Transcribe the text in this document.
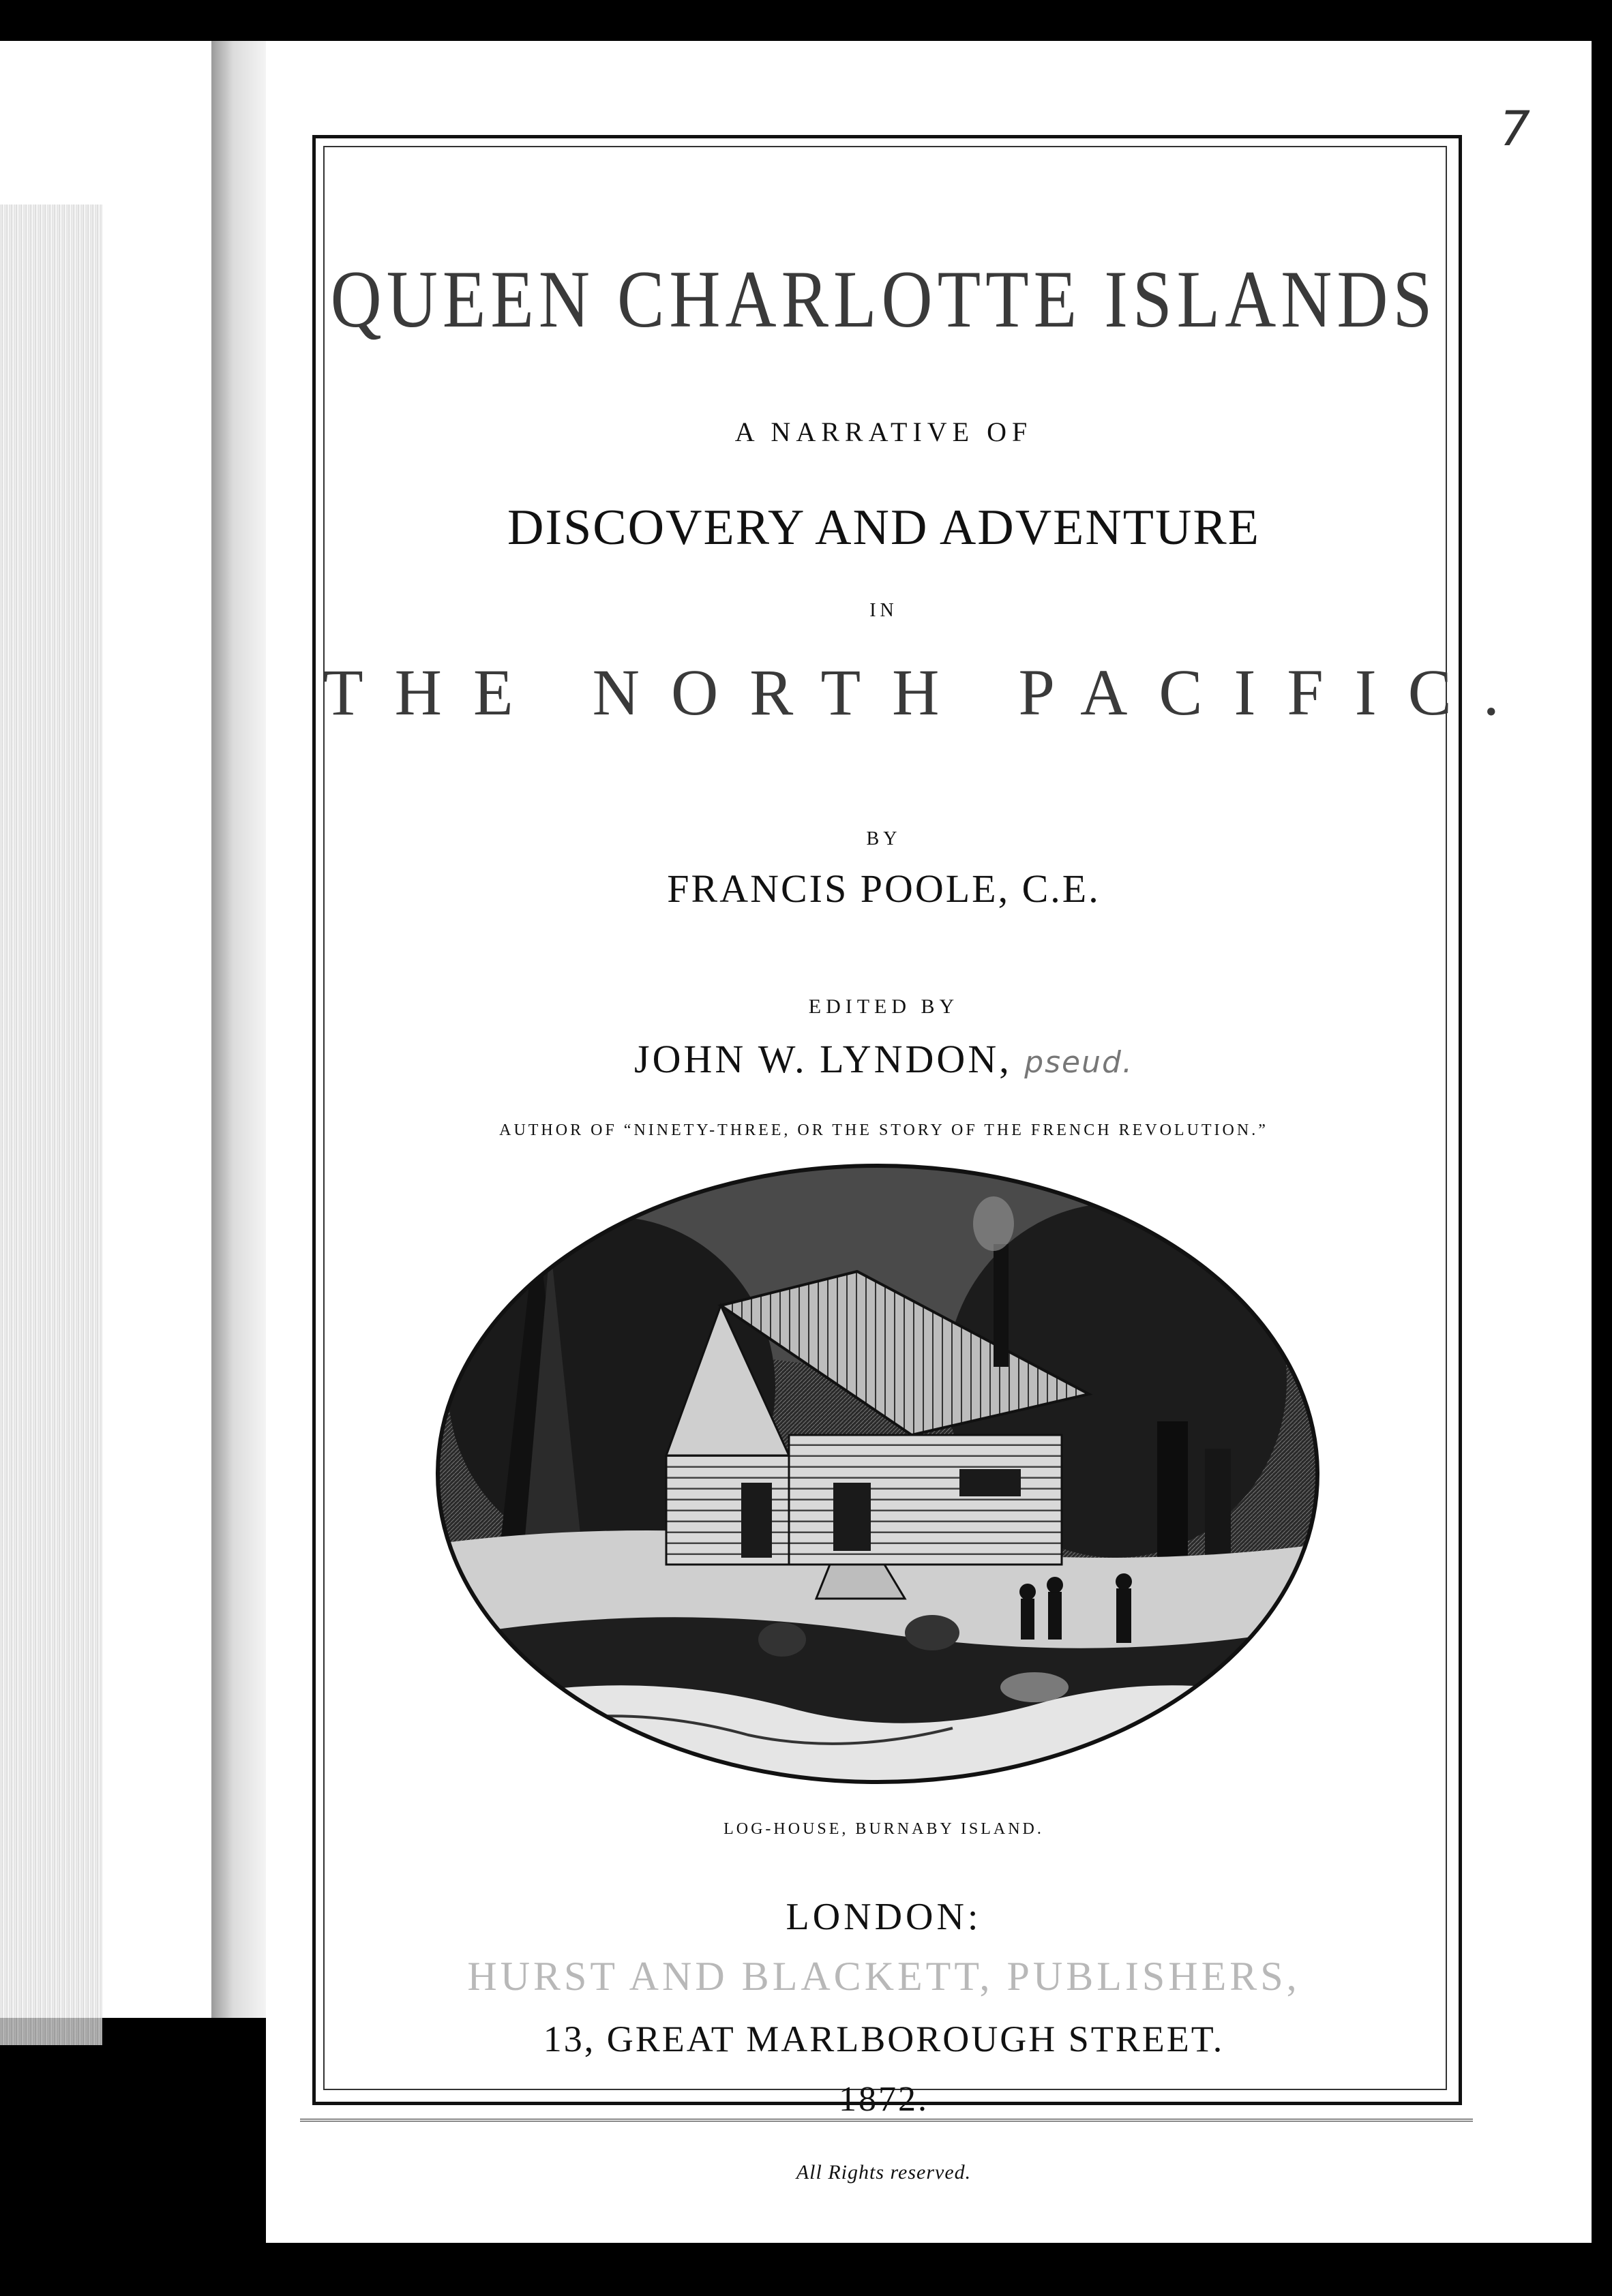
7
QUEEN CHARLOTTE ISLANDS
A NARRATIVE OF
DISCOVERY AND ADVENTURE
IN
THE NORTH PACIFIC.
BY
FRANCIS POOLE, C.E.
EDITED BY
JOHN W. LYNDON, pseud.
AUTHOR OF “NINETY-THREE, OR THE STORY OF THE FRENCH REVOLUTION.”
LOG-HOUSE, BURNABY ISLAND.
LONDON:
HURST AND BLACKETT, PUBLISHERS,
13, GREAT MARLBOROUGH STREET.
1872.
All Rights reserved.
